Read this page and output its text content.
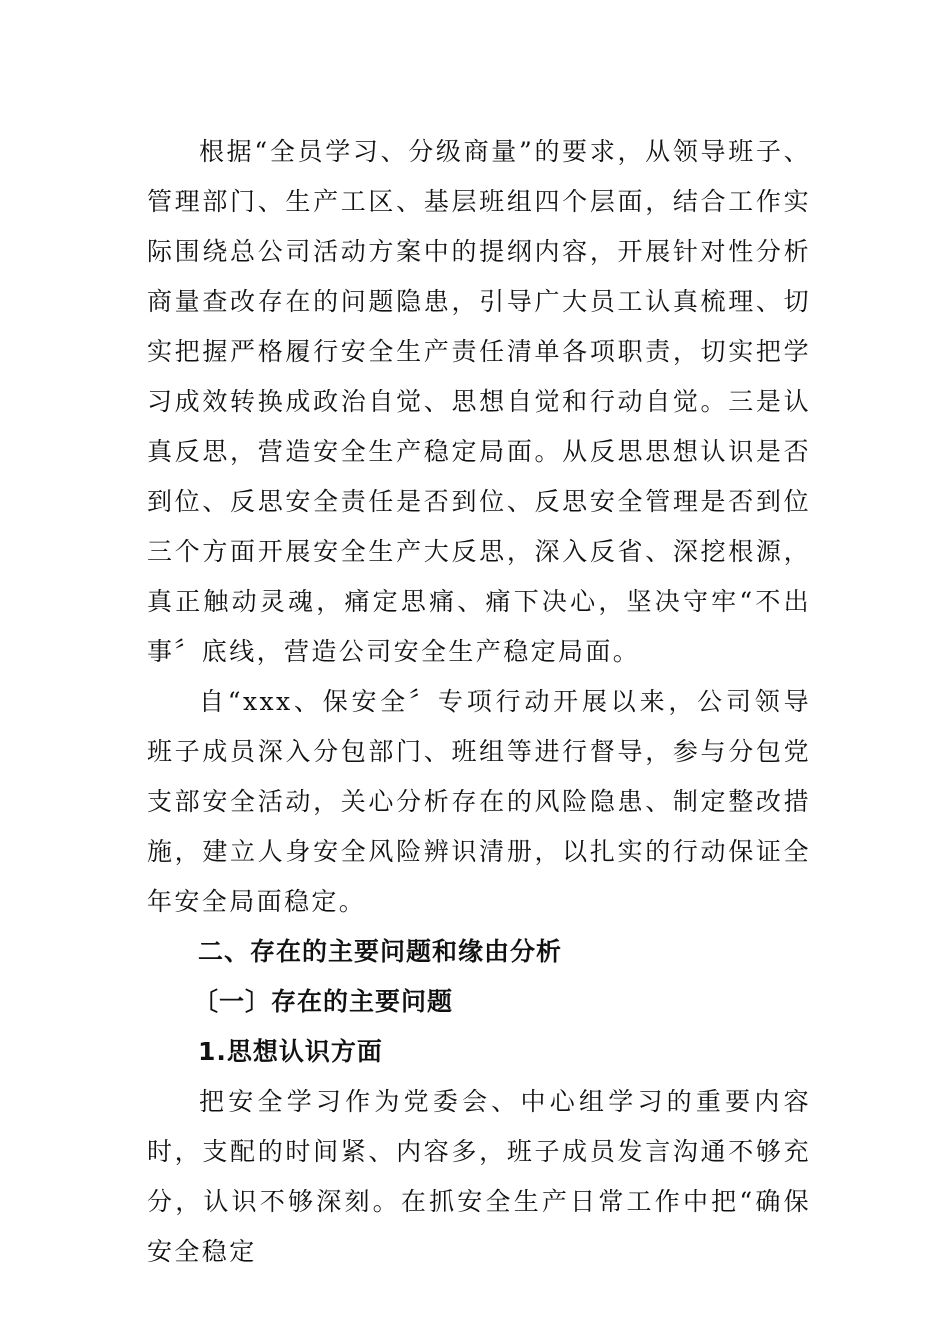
根据“全员学习、分级商量”的要求，从领导班子、管理部门、生产工区、基层班组四个层面，结合工作实际围绕总公司活动方案中的提纲内容，开展针对性分析商量查改存在的问题隐患，引导广大员工认真梳理、切实把握严格履行安全生产责任清单各项职责，切实把学习成效转换成政治自觉、思想自觉和行动自觉。三是认真反思，营造安全生产稳定局面。从反思思想认识是否到位、反思安全责任是否到位、反思安全管理是否到位三个方面开展安全生产大反思，深入反省、深挖根源，真正触动灵魂，痛定思痛、痛下决心，坚决守牢“不出事〞底线，营造公司安全生产稳定局面。

自“xxx、保安全〞专项行动开展以来，公司领导班子成员深入分包部门、班组等进行督导，参与分包党支部安全活动，关心分析存在的风险隐患、制定整改措施，建立人身安全风险辨识清册，以扎实的行动保证全年安全局面稳定。

二、存在的主要问题和缘由分析

〔一〕存在的主要问题

1.思想认识方面

把安全学习作为党委会、中心组学习的重要内容时，支配的时间紧、内容多，班子成员发言沟通不够充分，认识不够深刻。在抓安全生产日常工作中把“确保安全稳定
